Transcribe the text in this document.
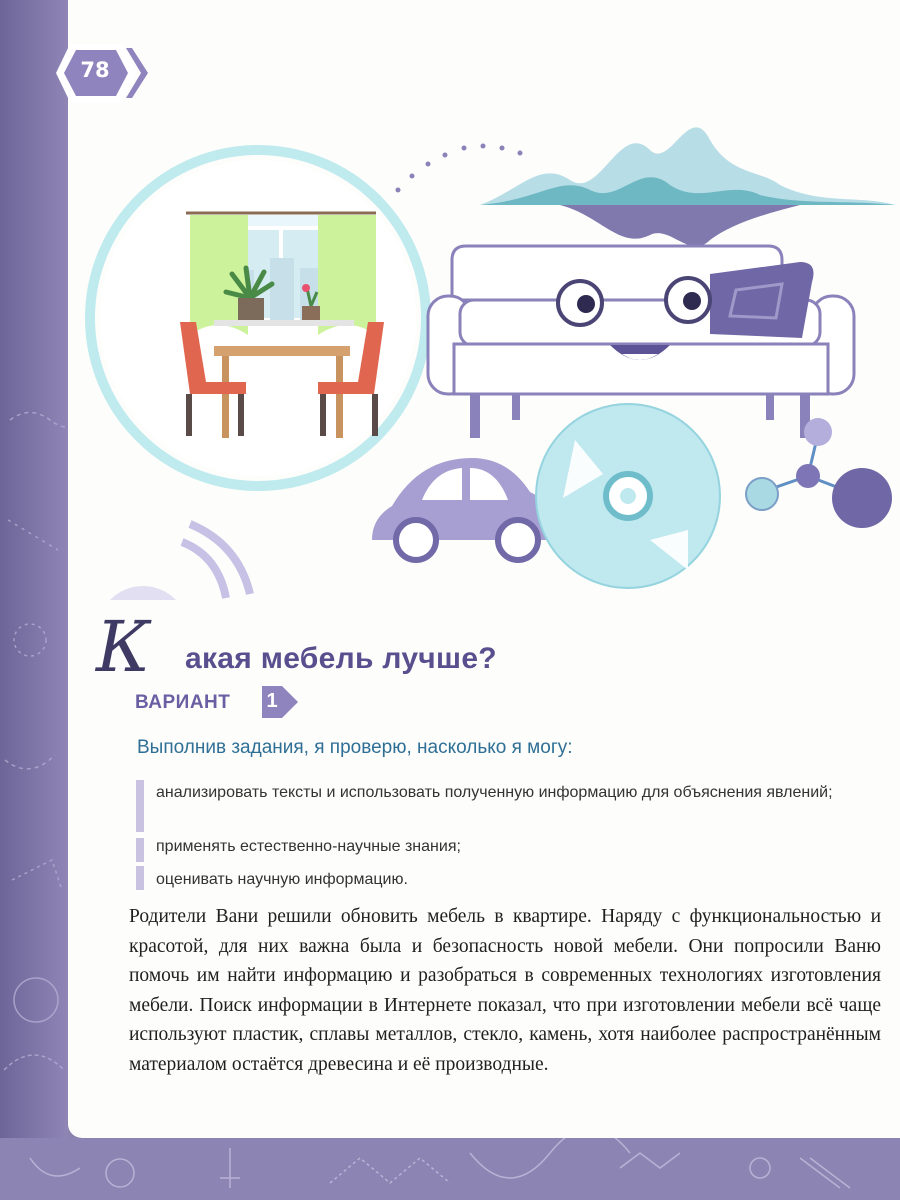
78
К акая мебель лучше?
ВАРИАНТ 1
Выполнив задания, я проверю, насколько я могу:
анализировать тексты и использовать полученную информацию для объяснения явлений;
применять естественно-научные знания;
оценивать научную информацию.
Родители Вани решили обновить мебель в квартире. Наряду с функциональностью и красотой, для них важна была и безопасность новой мебели. Они попросили Ваню помочь им найти информацию и разобраться в современных технологиях изготовления мебели. Поиск информации в Интернете показал, что при изготовлении мебели всё чаще используют пластик, сплавы металлов, стекло, камень, хотя наиболее распространённым материалом остаётся древесина и её производные.
